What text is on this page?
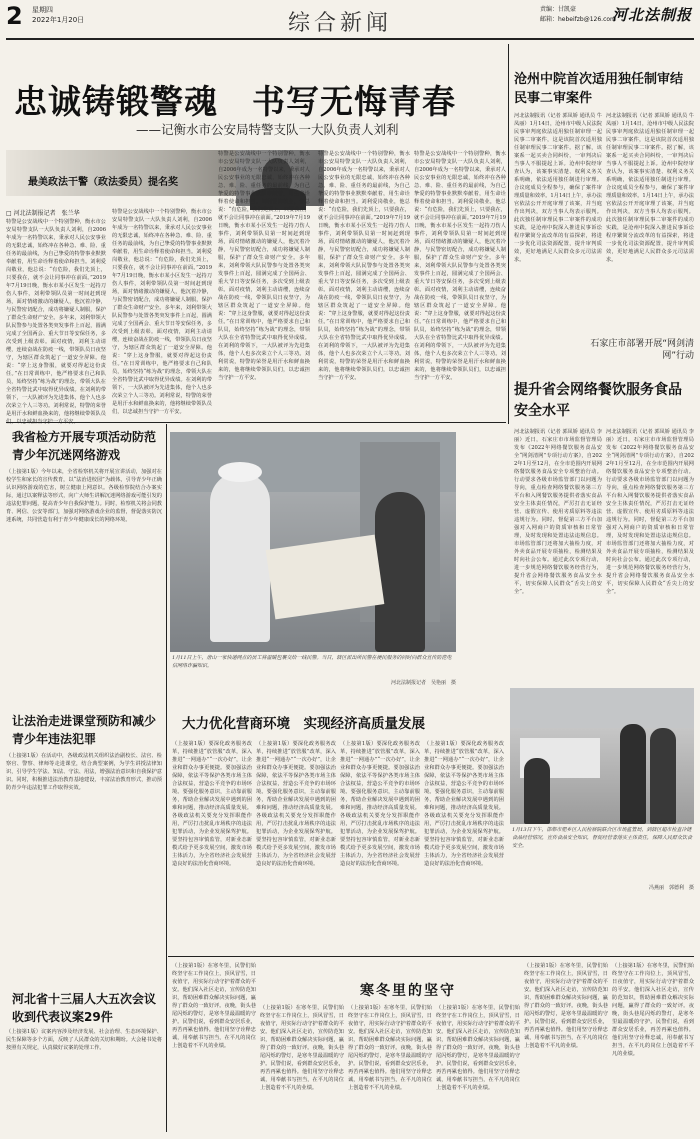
2 星期四
2022年1月20日	综合新闻
责编：甘凯豪
邮箱：hebeifzb@126.com
河北法制报
忠诚铸锻警魂　书写无悔青春
——记衡水市公安局特警支队一大队负责人刘利
最美政法干警（政法委员）提名奖
□ 河北法制报记者　张兰华
特警是公安战线中一个特别警种，衡水市公安局特警支队一大队负责人刘利，自2006年成为一名特警以来，秉承对人民公安事业的无限忠诚，始终冲在各种急、难、险、重任务的最前线，为自己挚爱的特警事业默默奉献着，用生命诠释着使命和担当。刘利爱岗敬业，他总说：“有危险，我们先顶上，只要我在，就不会让同事冲在前面。”2019年7月19日晚，衡水市某小区发生一起持刀伤人事件，刘利带领队员第一时间赶到现场，面对情绪激动的嫌疑人，他沉着冷静，与民警密切配合，成功将嫌疑人制服，保护了群众生命财产安全。多年来，刘利带领大队民警参与处置各类突发事件上百起，圆满完成了全国两会、重大节日等安保任务，多次受到上级表彰。面对疫情，刘利主动请缨，连续奋战在防疫一线，带领队员日夜坚守，为辖区群众筑起了一道安全屏障。他说：“穿上这身警服，就要对得起这份责任。”在日常训练中，他严格要求自己和队员，始终坚持“练为战”的理念，带领大队在全省特警比武中取得优异成绩。在刘利的带领下，一大队被评为先进集体，他个人也多次荣立个人三等功。刘利常说，特警的荣誉是用汗水和鲜血换来的，他将继续带领队员
特警是公安战线中一个特别警种，衡水市公安局特警支队一大队负责人刘利，自2006年成为一名特警以来，秉承对人民公安事业的无限忠诚，始终冲在各种急、难、险、重任务的最前线，为自己挚爱的特警事业默默奉献着，用生命诠释着使命和担当。刘利爱岗敬业，他总说：“有危险，我们先顶上，只要我在，就不会让同事冲在前面。”2019年7月19日晚，衡水市某小区发生一起持刀伤人事件，刘利带领队员第一时间赶到现场，面对情绪激动的嫌疑人，他沉着冷静，与民警密切配合，成功将嫌疑人制服，保护了群众生命财产安全。多年来，刘利带领大队民警参与处置各类突发事件上百起，圆满完成了全国两会、重大节日等安保任务，多次受到上级表彰。面对疫情，刘利主动请缨，连续奋战在防疫一线，带领队员日夜坚守，为辖区群众筑起了一道安全屏障。他说：“穿上这身警服，就要对得起这份责任。”在日常训练中，他严格要求自己和队员，始终坚持“练为战”的理念，带领大队在全省特警比武中取得优异成绩。在刘利的带领下，一大队被评为先进集体，他个人也多次荣立个人三等功。刘利常说，特警的荣誉是用汗水和鲜血换来的，他将继续带领队员们，以忠诚担当守护一方平安。
特警是公安战线中一个特别警种，衡水市公安局特警支队一大队负责人刘利，自2006年成为一名特警以来，秉承对人民公安事业的无限忠诚，始终冲在各种急、难、险、重任务的最前线，为自己挚爱的特警事业默默奉献着，用生命诠释着使命和担当。刘利爱岗敬业，他总说：“有危险，我们先顶上，只要我在，就不会让同事冲在前面。”2019年7月19日晚，衡水市某小区发生一起持刀伤人事件，刘利带领队员第一时间赶到现场，面对情绪激动的嫌疑人，他沉着冷静，与民警密切配合，成功将嫌疑人制服，保护了群众生命财产安全。多年来，刘利带领大队民警参与处置各类突发事件上百起，圆满完成了全国两会、重大节日等安保任务，多次受到上级表彰。面对疫情，刘利主动请缨，连续奋战在防疫一线，带领队员日夜坚守，为辖区群众筑起了一道安全屏障。他说：“穿上这身警服，就要对得起这份责任。”在日常训练中，他严格要求自己和队员，始终坚持“练为战”的理念，带领大队在全省特警比武中取得优异成绩。在刘利的带领下，一大队被评为先进集体，他个人也多次荣立个人三等功。刘利常说，特警的荣誉是用汗水和鲜血换来的，他将继续带领队员们，以忠诚担当守护一方平安。
特警是公安战线中一个特别警种，衡水市公安局特警支队一大队负责人刘利，自2006年成为一名特警以来，秉承对人民公安事业的无限忠诚，始终冲在各种急、难、险、重任务的最前线，为自己挚爱的特警事业默默奉献着，用生命诠释着使命和担当。刘利爱岗敬业，他总说：“有危险，我们先顶上，只要我在，就不会让同事冲在前面。”2019年7月19日晚，衡水市某小区发生一起持刀伤人事件，刘利带领队员第一时间赶到现场，面对情绪激动的嫌疑人，他沉着冷静，与民警密切配合，成功将嫌疑人制服，保护了群众生命财产安全。多年来，刘利带领大队民警参与处置各类突发事件上百起，圆满完成了全国两会、重大节日等安保任务，多次受到上级表彰。面对疫情，刘利主动请缨，连续奋战在防疫一线，带领队员日夜坚守，为辖区群众筑起了一道安全屏障。他说：“穿上这身警服，就要对得起这份责任。”在日常训练中，他严格要求自己和队员，始终坚持“练为战”的理念，带领大队在全省特警比武中取得优异成绩。在刘利的带领下，一大队被评为先进集体，他个人也多次荣立个人三等功。刘利常说，特警的荣誉是用汗水和鲜血换来的，他将继续带领队员们，以忠诚担当守护一方平安。
特警是公安战线中一个特别警种，衡水市公安局特警支队一大队负责人刘利，自2006年成为一名特警以来，秉承对人民公安事业的无限忠诚，始终冲在各种急、难、险、重任务的最前线，为自己挚爱的特警事业默默奉献着，用生命诠释着使命和担当。刘利爱岗敬业，他总说：“有危险，我们先顶上，只要我在，就不会让同事冲在前面。”2019年7月19日晚，衡水市某小区发生一起持刀伤人事件，刘利带领队员第一时间赶到现场，面对情绪激动的嫌疑人，他沉着冷静，与民警密切配合，成功将嫌疑人制服，保护了群众生命财产安全。多年来，刘利带领大队民警参与处置各类突发事件上百起，圆满完成了全国两会、重大节日等安保任务，多次受到上级表彰。面对疫情，刘利主动请缨，连续奋战在防疫一线，带领队员日夜坚守，为辖区群众筑起了一道安全屏障。他说：“穿上这身警服，就要对得起这份责任。”在日常训练中，他严格要求自己和队员，始终坚持“练为战”的理念，带领大队在全省特警比武中取得优异成绩。在刘利的带领下，一大队被评为先进集体，他个人也多次荣立个人三等功。刘利常说，特警的荣誉是用汗水和鲜血换来的，他将继续带领队员们，以忠诚担当守护一方平安。
沧州中院首次适用独任制审结民事二审案件
河北法制报讯（记者 郭凤娇 通讯员 牛凤丽）1月14日，沧州市中级人民法院民事审判庭依法适用独任制审理一起民事二审案件，这是该院首次适用独任制审理民事二审案件。据了解，该案系一起买卖合同纠纷，一审判决后当事人不服提起上诉。沧州中院经审查认为，该案事实清楚、权利义务关系明确，依法适用独任制进行审理。合议庭成员全程参与，确保了案件审理质量和效率。1月14日上午，承办法官依法公开开庭审理了该案，并当庭作出判决，双方当事人均表示服判。此次独任制审理民事二审案件的成功实践，是沧州中院深入推进民事诉讼程序繁简分流改革的有益探索，将进一步优化司法资源配置，提升审判质效，更好地满足人民群众多元司法需求。
河北法制报讯（记者 郭凤娇 通讯员 牛凤丽）1月14日，沧州市中级人民法院民事审判庭依法适用独任制审理一起民事二审案件，这是该院首次适用独任制审理民事二审案件。据了解，该案系一起买卖合同纠纷，一审判决后当事人不服提起上诉。沧州中院经审查认为，该案事实清楚、权利义务关系明确，依法适用独任制进行审理。合议庭成员全程参与，确保了案件审理质量和效率。1月14日上午，承办法官依法公开开庭审理了该案，并当庭作出判决，双方当事人均表示服判。此次独任制审理民事二审案件的成功实践，是沧州中院深入推进民事诉讼程序繁简分流改革的有益探索，将进一步优化司法资源配置，提升审判质效，更好地满足人民群众多元司法需求。
石家庄市部署开展“网剑清网”行动
提升省会网络餐饮服务食品安全水平
河北法制报讯（记者 郭凤娇 通讯员 李丽）近日，石家庄市市场监督管理局发布《2022年网络餐饮服务食品安全“网剑清网”专项行动方案》，自2022年1月至12月，在全市范围内开展网络餐饮服务食品安全专项整治行动。行动要求各级市场监管部门以问题为导向，重点检查网络餐饮服务第三方平台和入网餐饮服务提供者落实食品安全主体责任情况，严厉打击无证经营、虚假宣传、使用劣质原料等违法违规行为。同时，督促第三方平台加强对入网商户的资质审核和日常管理，及时发现和处置违法违规信息。市场监管部门还将加大抽检力度，对外卖食品开展专项抽检，检测结果及时向社会公布。通过此次专项行动，进一步规范网络餐饮服务经营行为，提升省会网络餐饮服务食品安全水平，切实保障人民群众“舌尖上的安全”。
河北法制报讯（记者 郭凤娇 通讯员 李丽）近日，石家庄市市场监督管理局发布《2022年网络餐饮服务食品安全“网剑清网”专项行动方案》，自2022年1月至12月，在全市范围内开展网络餐饮服务食品安全专项整治行动。行动要求各级市场监管部门以问题为导向，重点检查网络餐饮服务第三方平台和入网餐饮服务提供者落实食品安全主体责任情况，严厉打击无证经营、虚假宣传、使用劣质原料等违法违规行为。同时，督促第三方平台加强对入网商户的资质审核和日常管理，及时发现和处置违法违规信息。市场监管部门还将加大抽检力度，对外卖食品开展专项抽检，检测结果及时向社会公布。通过此次专项行动，进一步规范网络餐饮服务经营行为，提升省会网络餐饮服务食品安全水平，切实保障人民群众“舌尖上的安全”。
我省检方开展专项活动防范青少年沉迷网络游戏
（上接第1版）今年以来，全省检察机关将开展宣讲活动，加强对在校学生和家长的宣传教育，以“法治进校园”为载体，引导青少年正确认识网络游戏的危害，树立健康上网意识。各级检察院结合办案实际，通过以案释法等形式，向广大师生讲解沉迷网络游戏可能引发的违法犯罪问题，提高青少年自我保护能力。同时，检察机关将会同教育、网信、公安等部门，加强对网络游戏企业的监督，督促落实防沉迷系统，共同营造有利于青少年健康成长的网络环境。
让法治走进课堂预防和减少青少年违法犯罪
（上接第1版）在活动中，各级政法机关组织法治副校长、法官、检察官、警察、律师等走进课堂，结合典型案例，为学生讲授法律知识，引导学生学法、知法、守法、用法，增强法治意识和自我保护意识。同时，积极推进法治教育基地建设，丰富法治教育形式，推动预防青少年违法犯罪工作取得实效。
河北省十三届人大五次会议收到代表议案29件
（上接第1版）议案内容涉及经济发展、社会治理、生态环境保护、民生保障等多个方面，反映了人民群众的关切和期盼。大会秘书处将按照有关规定，认真做好议案的处理工作。
1月11日上午，唐山一家快递网点的员工将温暖包裹交给一线民警。当日，辖区派出所民警在便民服务的同时向群众宣传防范电信网络诈骗知识。
河北法制报记者　吴艳丽　摄
大力优化营商环境　实现经济高质量发展
（上接第1版）要深化政务服务改革，持续推进“放管服”改革，深入推进“一网通办”“一次办好”，让企业和群众办事更便捷。要加强法治保障，依法平等保护各类市场主体合法权益，营造公平竞争的市场环境。要强化服务意识，主动靠前服务，帮助企业解决发展中遇到的困难和问题，推动经济高质量发展。各级政法机关要充分发挥职能作用，严厉打击扰乱市场秩序的违法犯罪活动，为企业发展保驾护航。要坚持包容审慎监管，对新业态新模式给予更多发展空间，激发市场主体活力，为全省经济社会发展营造良好的法治化营商环境。
（上接第1版）要深化政务服务改革，持续推进“放管服”改革，深入推进“一网通办”“一次办好”，让企业和群众办事更便捷。要加强法治保障，依法平等保护各类市场主体合法权益，营造公平竞争的市场环境。要强化服务意识，主动靠前服务，帮助企业解决发展中遇到的困难和问题，推动经济高质量发展。各级政法机关要充分发挥职能作用，严厉打击扰乱市场秩序的违法犯罪活动，为企业发展保驾护航。要坚持包容审慎监管，对新业态新模式给予更多发展空间，激发市场主体活力，为全省经济社会发展营造良好的法治化营商环境。
（上接第1版）要深化政务服务改革，持续推进“放管服”改革，深入推进“一网通办”“一次办好”，让企业和群众办事更便捷。要加强法治保障，依法平等保护各类市场主体合法权益，营造公平竞争的市场环境。要强化服务意识，主动靠前服务，帮助企业解决发展中遇到的困难和问题，推动经济高质量发展。各级政法机关要充分发挥职能作用，严厉打击扰乱市场秩序的违法犯罪活动，为企业发展保驾护航。要坚持包容审慎监管，对新业态新模式给予更多发展空间，激发市场主体活力，为全省经济社会发展营造良好的法治化营商环境。
（上接第1版）要深化政务服务改革，持续推进“放管服”改革，深入推进“一网通办”“一次办好”，让企业和群众办事更便捷。要加强法治保障，依法平等保护各类市场主体合法权益，营造公平竞争的市场环境。要强化服务意识，主动靠前服务，帮助企业解决发展中遇到的困难和问题，推动经济高质量发展。各级政法机关要充分发挥职能作用，严厉打击扰乱市场秩序的违法犯罪活动，为企业发展保驾护航。要坚持包容审慎监管，对新业态新模式给予更多发展空间，激发市场主体活力，为全省经济社会发展营造良好的法治化营商环境。
1月13日下午，邯郸市肥乡区人民检察院联合区市场监管局，到辖区超市检查冷链食品经营情况，宣传食品安全知识，督促经营者落实主体责任，保障人民群众饮食安全。
冯燕丽　郭德利　摄
寒冬里的坚守
（上接第1版）在寒冬里，民警们始终坚守在工作岗位上，顶风冒雪，日夜值守，用实际行动守护着群众的平安。他们深入社区走访，宣传防范知识，帮助困难群众解决实际问题，赢得了群众的一致好评。夜晚，街头巷尾闪烁的警灯，是寒冬里最温暖的守护。民警们说，看到群众安居乐业，再苦再累也值得。他们用坚守诠释忠诚，用奉献书写担当，在平凡的岗位上创造着不平凡的业绩。
（上接第1版）在寒冬里，民警们始终坚守在工作岗位上，顶风冒雪，日夜值守，用实际行动守护着群众的平安。他们深入社区走访，宣传防范知识，帮助困难群众解决实际问题，赢得了群众的一致好评。夜晚，街头巷尾闪烁的警灯，是寒冬里最温暖的守护。民警们说，看到群众安居乐业，再苦再累也值得。他们用坚守诠释忠诚，用奉献书写担当，在平凡的岗位上创造着不平凡的业绩。
（上接第1版）在寒冬里，民警们始终坚守在工作岗位上，顶风冒雪，日夜值守，用实际行动守护着群众的平安。他们深入社区走访，宣传防范知识，帮助困难群众解决实际问题，赢得了群众的一致好评。夜晚，街头巷尾闪烁的警灯，是寒冬里最温暖的守护。民警们说，看到群众安居乐业，再苦再累也值得。他们用坚守诠释忠诚，用奉献书写担当，在平凡的岗位上创造着不平凡的业绩。
（上接第1版）在寒冬里，民警们始终坚守在工作岗位上，顶风冒雪，日夜值守，用实际行动守护着群众的平安。他们深入社区走访，宣传防范知识，帮助困难群众解决实际问题，赢得了群众的一致好评。夜晚，街头巷尾闪烁的警灯，是寒冬里最温暖的守护。民警们说，看到群众安居乐业，再苦再累也值得。他们用坚守诠释忠诚，用奉献书写担当，在平凡的岗位上创造着不平凡的业绩。
（上接第1版）在寒冬里，民警们始终坚守在工作岗位上，顶风冒雪，日夜值守，用实际行动守护着群众的平安。他们深入社区走访，宣传防范知识，帮助困难群众解决实际问题，赢得了群众的一致好评。夜晚，街头巷尾闪烁的警灯，是寒冬里最温暖的守护。民警们说，看到群众安居乐业，再苦再累也值得。他们用坚守诠释忠诚，用奉献书写担当，在平凡的岗位上创造着不平凡的业绩。
（上接第1版）在寒冬里，民警们始终坚守在工作岗位上，顶风冒雪，日夜值守，用实际行动守护着群众的平安。他们深入社区走访，宣传防范知识，帮助困难群众解决实际问题，赢得了群众的一致好评。夜晚，街头巷尾闪烁的警灯，是寒冬里最温暖的守护。民警们说，看到群众安居乐业，再苦再累也值得。他们用坚守诠释忠诚，用奉献书写担当，在平凡的岗位上创造着不平凡的业绩。
